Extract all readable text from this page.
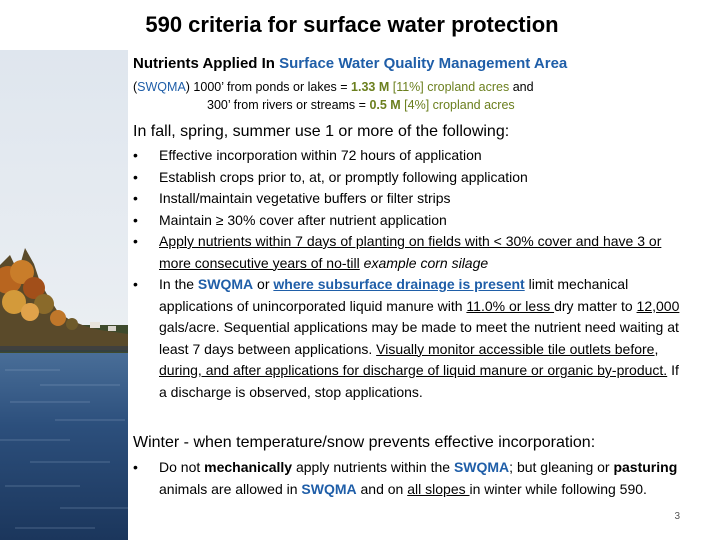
590 criteria for surface water protection
Nutrients Applied In Surface Water Quality Management Area
(SWQMA) 1000’ from ponds or lakes = 1.33 M [11%] cropland acres and
300’ from rivers or streams = 0.5 M [4%] cropland acres
In fall, spring, summer use 1 or more of the following:
• Effective incorporation within 72 hours of application
• Establish crops prior to, at, or promptly following application
• Install/maintain vegetative buffers or filter strips
• Maintain ≥ 30% cover after nutrient application
• Apply nutrients within 7 days of planting on fields with < 30% cover and have 3 or more consecutive years of no-till example corn silage
• In the SWQMA or where subsurface drainage is present limit mechanical applications of unincorporated liquid manure with 11.0% or less dry matter to 12,000 gals/acre. Sequential applications may be made to meet the nutrient need waiting at least 7 days between applications. Visually monitor accessible tile outlets before, during, and after applications for discharge of liquid manure or organic by-product. If a discharge is observed, stop applications.
Winter - when temperature/snow prevents effective incorporation:
• Do not mechanically apply nutrients within the SWQMA; but gleaning or pasturing animals are allowed in SWQMA and on all slopes in winter while following 590.
3
